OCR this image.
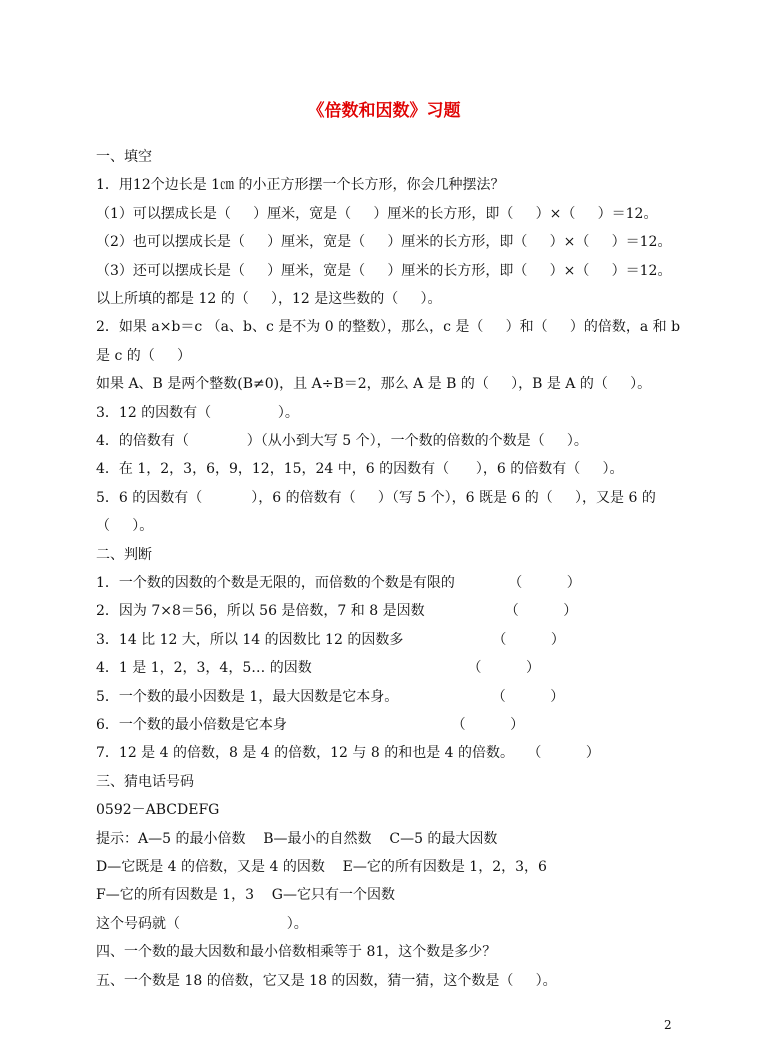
《倍数和因数》习题
一、填空
1．用12个边长是 1㎝ 的小正方形摆一个长方形，你会几种摆法？
（1）可以摆成长是（     ）厘米，宽是（     ）厘米的长方形，即（     ）×（     ）＝12。
（2）也可以摆成长是（     ）厘米，宽是（     ）厘米的长方形，即（     ）×（     ）＝12。
（3）还可以摆成长是（     ）厘米，宽是（     ）厘米的长方形，即（     ）×（     ）＝12。
以上所填的都是 12 的（     ），12 是这些数的（     ）。
2．如果 a×b＝c （a、b、c 是不为 0 的整数），那么，c 是（     ）和（     ）的倍数，a 和 b
是 c 的（     ）
如果 A、B 是两个整数(B≠0)，且 A÷B＝2，那么 A 是 B 的（     ），B 是 A 的（     ）。
3．12 的因数有（               ）。
4．的倍数有（             ）（从小到大写 5 个），一个数的倍数的个数是（     ）。
4．在 1，2，3，6，9，12，15，24 中，6 的因数有（      ），6 的倍数有（     ）。
5．6 的因数有（           ），6 的倍数有（     ）（写 5 个），6 既是 6 的（     ），又是 6 的
（     ）。
二、判断
1．一个数的因数的个数是无限的，而倍数的个数是有限的            （          ）
2．因为 7×8＝56，所以 56 是倍数，7 和 8 是因数                  （          ）
3．14 比 12 大，所以 14 的因数比 12 的因数多                    （          ）
4．1 是 1，2，3，4，5… 的因数                                   （          ）
5．一个数的最小因数是 1，最大因数是它本身。                     （          ）
6．一个数的最小倍数是它本身                                     （          ）
7．12 是 4 的倍数，8 是 4 的倍数，12 与 8 的和也是 4 的倍数。   （          ）
三、猜电话号码
0592－ABCDEFG
提示：A—5 的最小倍数    B—最小的自然数    C—5 的最大因数
D—它既是 4 的倍数，又是 4 的因数    E—它的所有因数是 1，2，3，6
F—它的所有因数是 1，3    G—它只有一个因数
这个号码就（                        ）。
四、一个数的最大因数和最小倍数相乘等于 81，这个数是多少？
五、一个数是 18 的倍数，它又是 18 的因数，猜一猜，这个数是（     ）。
2
